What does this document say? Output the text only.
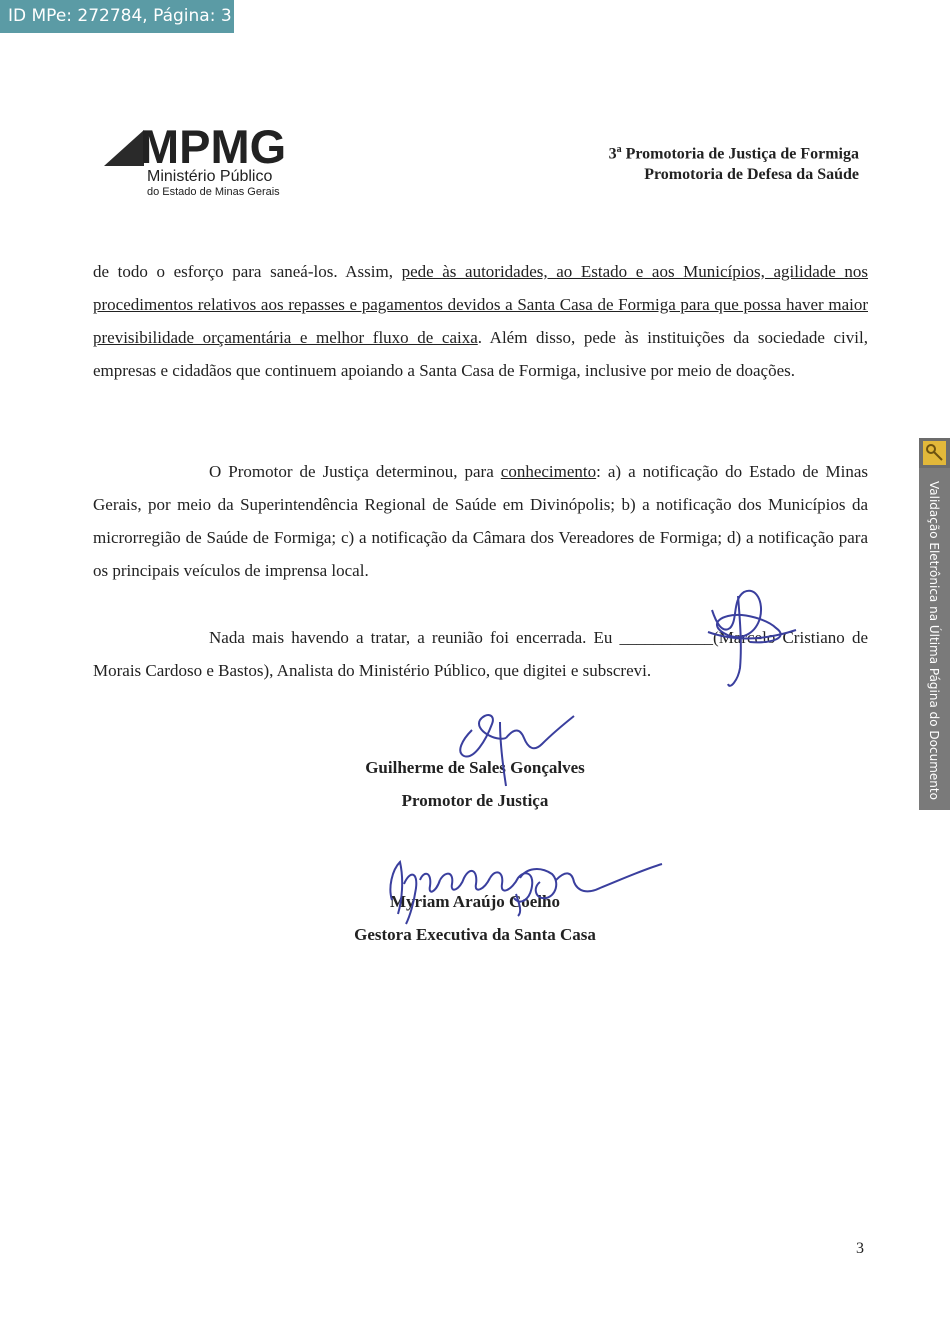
ID MPe: 272784, Página: 3
MPMG
Ministério Público
do Estado de Minas Gerais
3$^a$ Promotoria de Justiça de Formiga
Promotoria de Defesa da Saúde
de todo o esforço para saneá-los. Assim, pede às autoridades, ao Estado e aos Municípios, agilidade nos procedimentos relativos aos repasses e pagamentos devidos a Santa Casa de Formiga para que possa haver maior previsibilidade orçamentária e melhor fluxo de caixa. Além disso, pede às instituições da sociedade civil, empresas e cidadãos que continuem apoiando a Santa Casa de Formiga, inclusive por meio de doações.
O Promotor de Justiça determinou, para conhecimento: a) a notificação do Estado de Minas Gerais, por meio da Superintendência Regional de Saúde em Divinópolis; b) a notificação dos Municípios da microrregião de Saúde de Formiga; c) a notificação da Câmara dos Vereadores de Formiga; d) a notificação para os principais veículos de imprensa local.
Nada mais havendo a tratar, a reunião foi encerrada. Eu ___________(Marcelo Cristiano de Morais Cardoso e Bastos), Analista do Ministério Público, que digitei e subscrevi.
Guilherme de Sales Gonçalves
Promotor de Justiça
Myriam Araújo Coelho
Gestora Executiva da Santa Casa
Validação Eletrônica na Última Página do Documento
3
